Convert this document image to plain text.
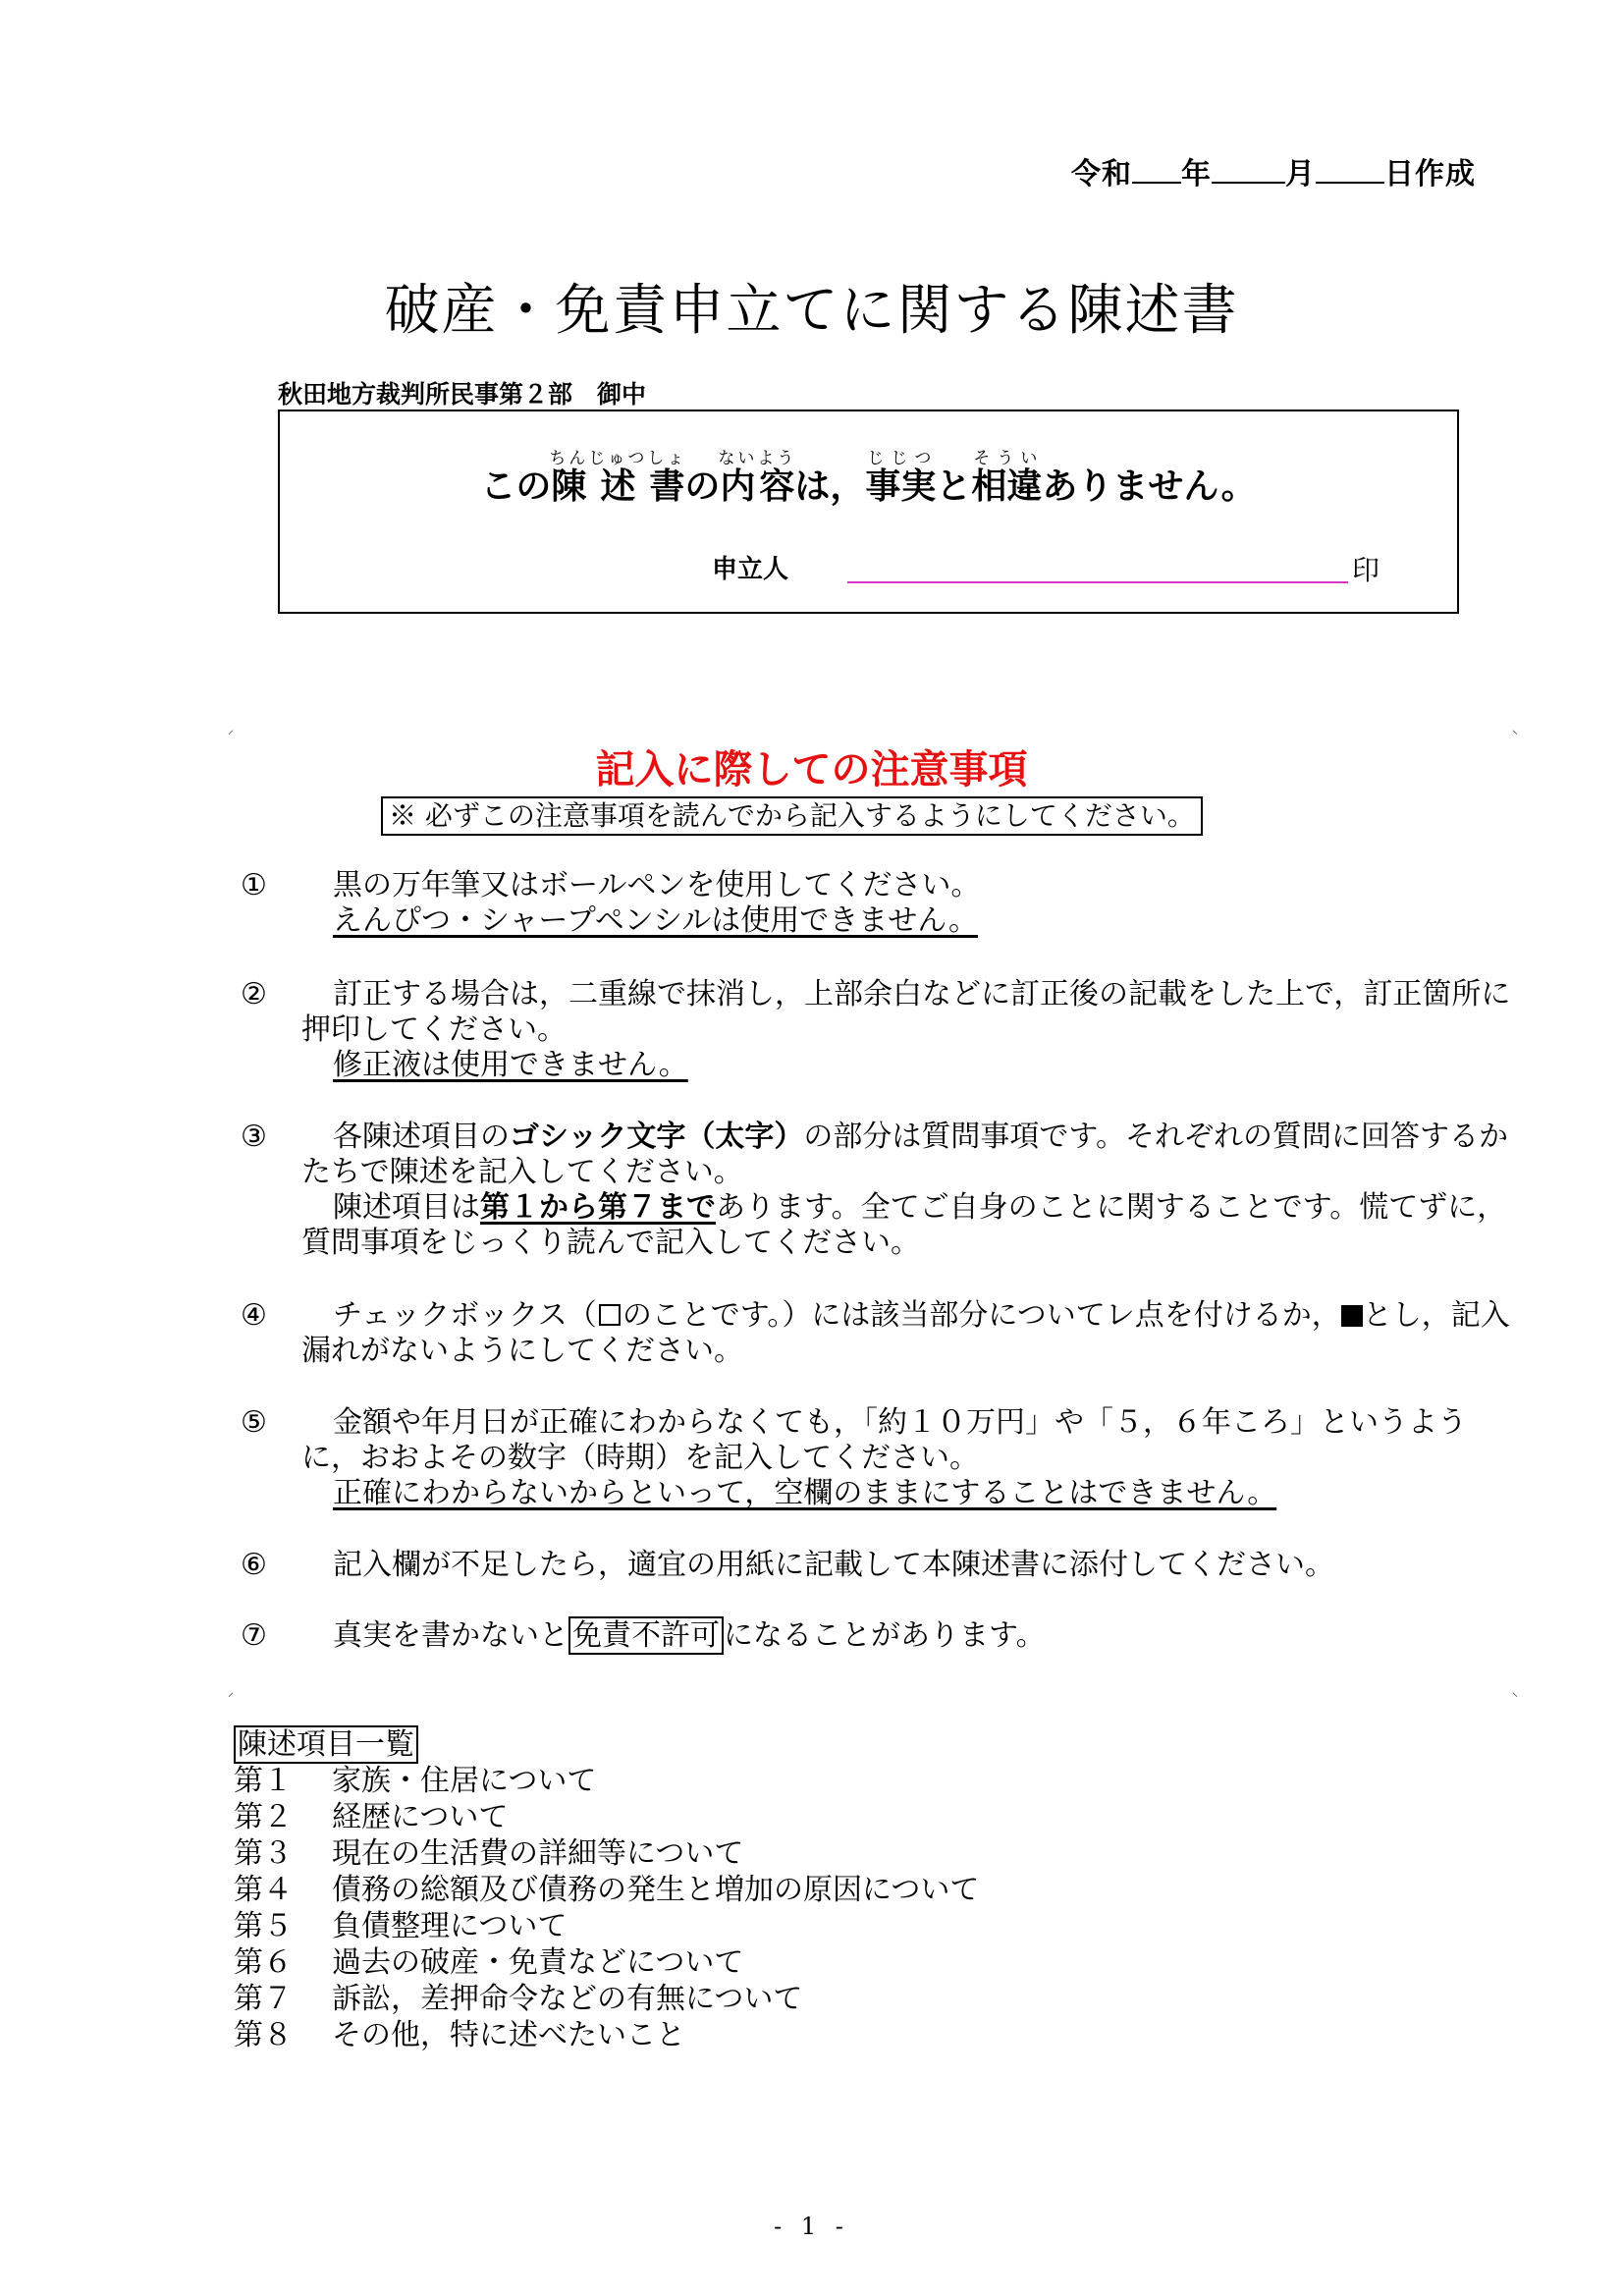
令和 年	月 日作成
破産・免責申立てに関する陳述書
秋田地方裁判所民事第２部　御中
この陳ちん述じゅつ書しょの内容ないようは，事実じじつと相違そういありません。
申立人	印
⸝	⸜
⸝	⸜
記入に際しての注意事項
※ 必ずこの注意事項を読んでから記入するようにしてください。
①	黒の万年筆又はボールペンを使用してください。
えんぴつ・シャープペンシルは使用できません。
②	訂正する場合は，二重線で抹消し，上部余白などに訂正後の記載をした上で，訂正箇所に押印してください。
修正液は使用できません。
③	各陳述項目のゴシック文字（太字）の部分は質問事項です。それぞれの質問に回答するかたちで陳述を記入してください。
陳述項目は第１から第７まであります。全てご自身のことに関することです。慌てずに，質問事項をじっくり読んで記入してください。
④	チェックボックス（ のことです。）には該当部分についてレ点を付けるか， とし，記入漏れがないようにしてください。
⑤	金額や年月日が正確にわからなくても，「約１０万円」や「５，６年ころ」というように，おおよその数字（時期）を記入してください。
正確にわからないからといって，空欄のままにすることはできません。
⑥	記入欄が不足したら，適宜の用紙に記載して本陳述書に添付してください。
⑦	真実を書かないと 免責不許可 になることがあります。
陳述項目一覧
第１ 家族・住居について
第２ 経歴について
第３ 現在の生活費の詳細等について
第４ 債務の総額及び債務の発生と増加の原因について
第５ 負債整理について
第６ 過去の破産・免責などについて
第７ 訴訟，差押命令などの有無について
第８ その他，特に述べたいこと
- 1 -
